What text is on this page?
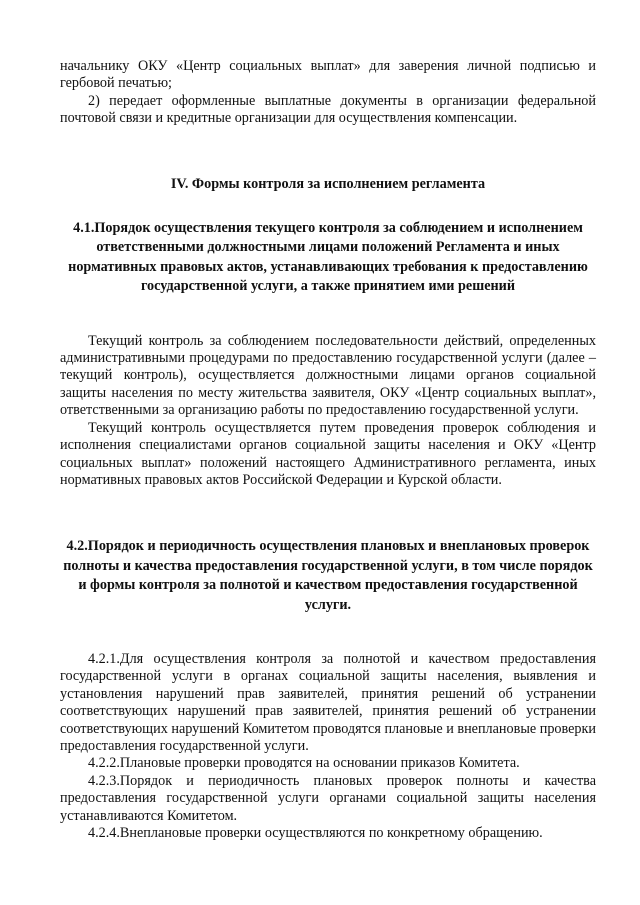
начальнику ОКУ «Центр социальных выплат» для заверения личной подписью и гербовой печатью;

2) передает оформленные выплатные документы в организации федеральной почтовой связи и кредитные организации для осуществления компенсации.

IV. Формы контроля за исполнением регламента

4.1.Порядок осуществления текущего контроля за соблюдением и исполнением ответственными должностными лицами положений Регламента и иных нормативных правовых актов, устанавливающих требования к предоставлению государственной услуги, а также принятием ими решений

Текущий контроль за соблюдением последовательности действий, определенных административными процедурами по предоставлению государственной услуги (далее – текущий контроль), осуществляется должностными лицами органов социальной защиты населения по месту жительства заявителя, ОКУ «Центр социальных выплат», ответственными за организацию работы по предоставлению государственной услуги.

Текущий контроль осуществляется путем проведения проверок соблюдения и исполнения специалистами органов социальной защиты населения и ОКУ «Центр социальных выплат» положений настоящего Административного регламента, иных нормативных правовых актов Российской Федерации и Курской области.

4.2.Порядок и периодичность осуществления плановых и внеплановых проверок полноты и качества предоставления государственной услуги, в том числе порядок и формы контроля за полнотой и качеством предоставления государственной услуги.

4.2.1.Для осуществления контроля за полнотой и качеством предоставления государственной услуги в органах социальной защиты населения, выявления и установления нарушений прав заявителей, принятия решений об устранении соответствующих нарушений прав заявителей, принятия решений об устранении соответствующих нарушений Комитетом проводятся плановые и внеплановые проверки предоставления государственной услуги.

4.2.2.Плановые проверки проводятся на основании приказов Комитета.

4.2.3.Порядок и периодичность плановых проверок полноты и качества предоставления государственной услуги органами социальной защиты населения устанавливаются Комитетом.

4.2.4.Внеплановые проверки осуществляются по конкретному обращению.
